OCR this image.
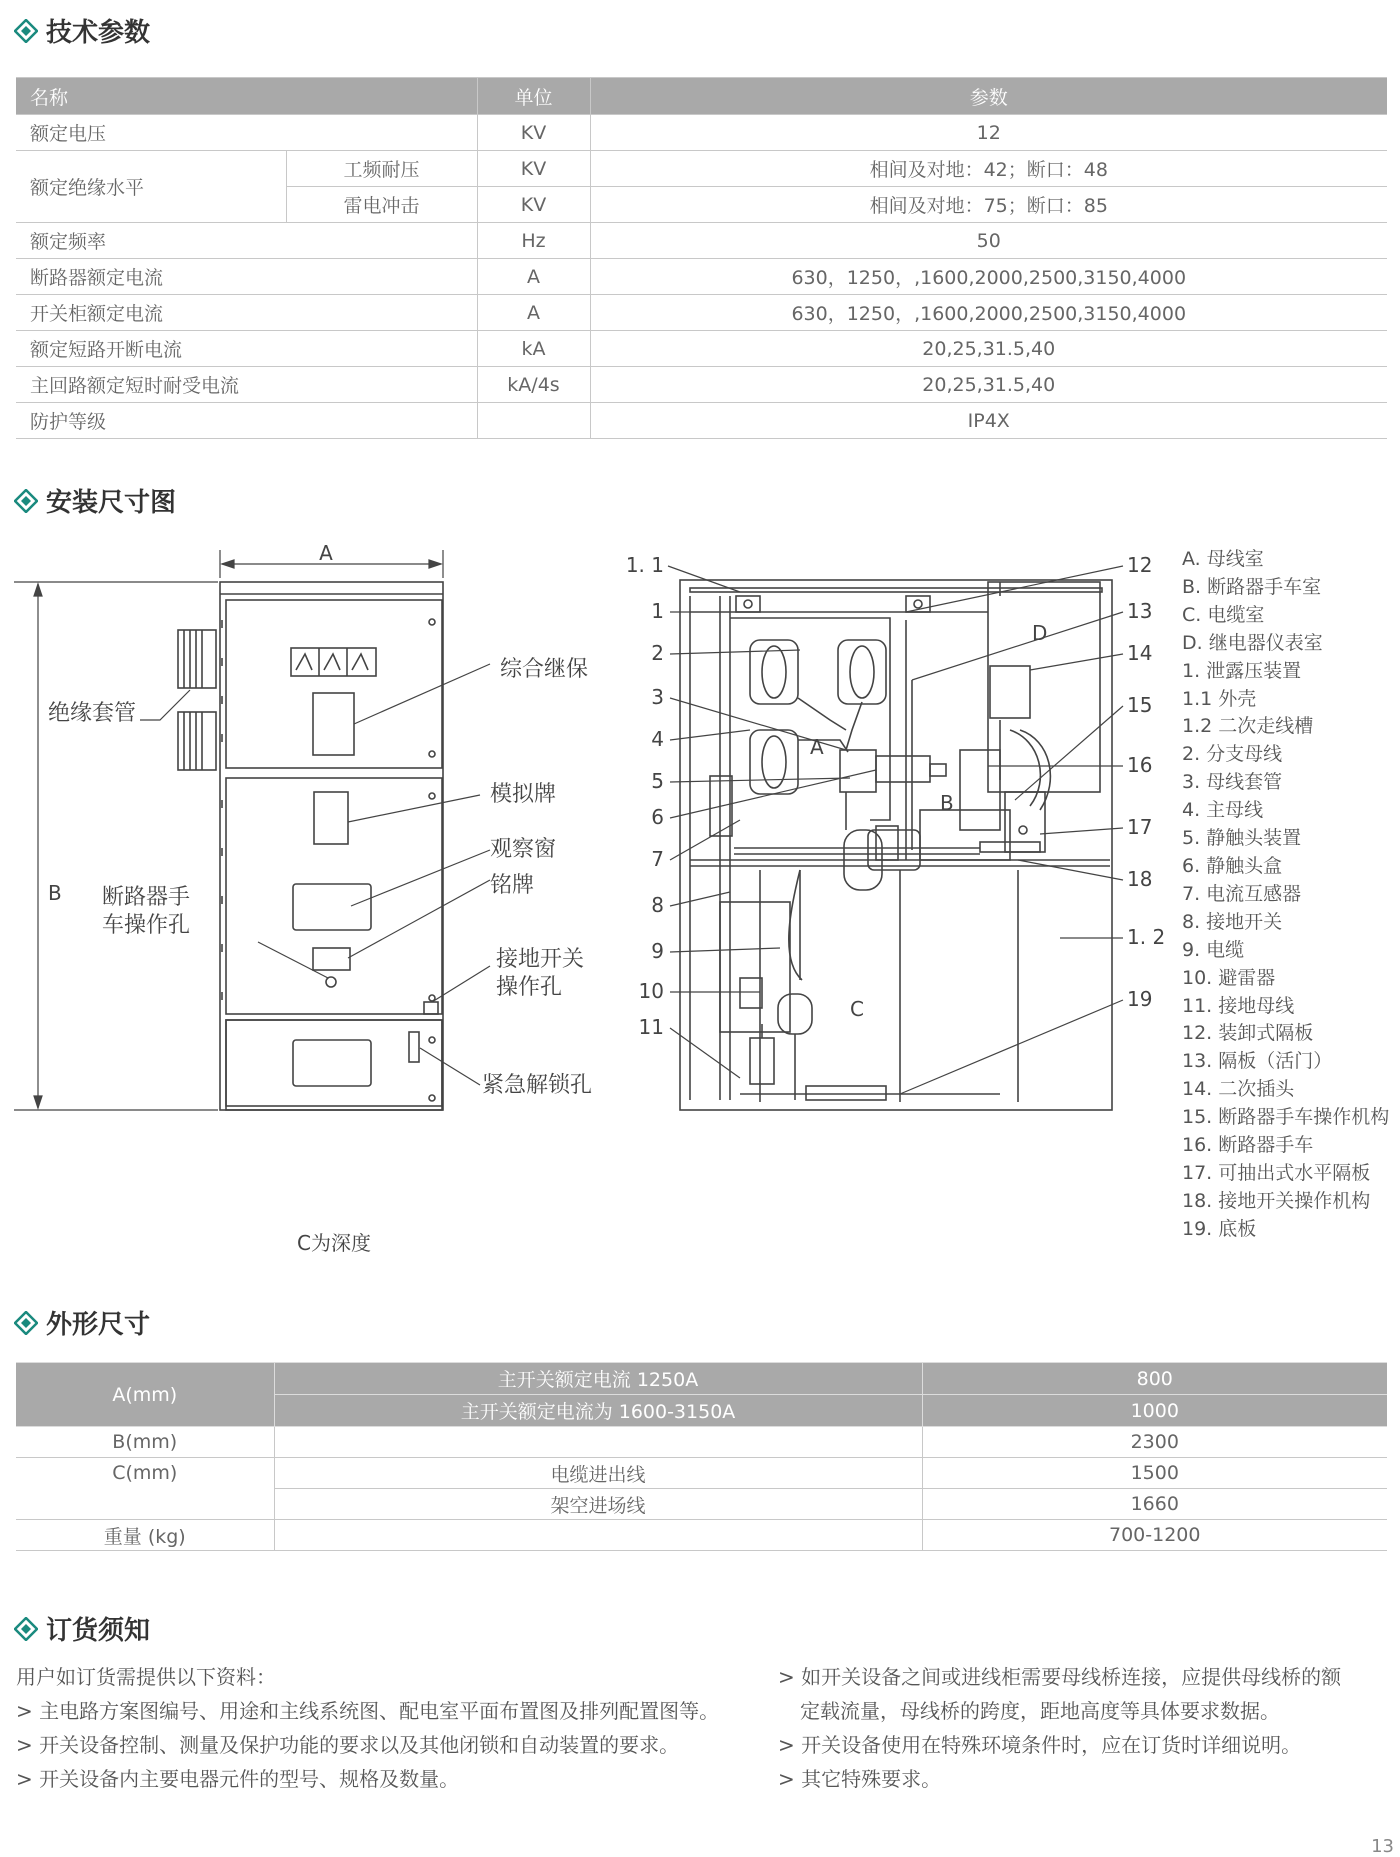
技术参数
名称		单位	参数
额定电压		KV	12
额定绝缘水平	工频耐压	KV	相间及对地：42；断口：48
	雷电冲击	KV	相间及对地：75；断口：85
额定频率		Hz	50
断路器额定电流		A	630，1250，,1600,2000,2500,3150,4000
开关柜额定电流		A	630，1250，,1600,2000,2500,3150,4000
额定短路开断电流		kA	20,25,31.5,40
主回路额定短时耐受电流		kA/4s	20,25,31.5,40
防护等级			IP4X
安装尺寸图
A
B
绝缘套管
综合继保
模拟牌
观察窗
铭牌
断路器手
车操作孔
接地开关
操作孔
紧急解锁孔
C为深度
A
B
C
D
1. 1
1
2
3
4
5
6
7
8
9
10
11
12
13
14
15
16
17
18
1. 2
19
A. 母线室
B. 断路器手车室
C. 电缆室
D. 继电器仪表室
1. 泄露压装置
1.1 外壳
1.2 二次走线槽
2. 分支母线
3. 母线套管
4. 主母线
5. 静触头装置
6. 静触头盒
7. 电流互感器
8. 接地开关
9. 电缆
10. 避雷器
11. 接地母线
12. 装卸式隔板
13. 隔板（活门）
14. 二次插头
15. 断路器手车操作机构
16. 断路器手车
17. 可抽出式水平隔板
18. 接地开关操作机构
19. 底板
外形尺寸
A(mm)	主开关额定电流 1250A	800
	主开关额定电流为 1600-3150A	1000
B(mm)		2300
C(mm)	电缆进出线	1500
	架空进场线	1660
重量 (kg)		700-1200
订货须知
用户如订货需提供以下资料：
> 主电路方案图编号、用途和主线系统图、配电室平面布置图及排列配置图等。
> 开关设备控制、测量及保护功能的要求以及其他闭锁和自动装置的要求。
> 开关设备内主要电器元件的型号、规格及数量。
> 如开关设备之间或进线柜需要母线桥连接，应提供母线桥的额
定载流量，母线桥的跨度，距地高度等具体要求数据。
> 开关设备使用在特殊环境条件时，应在订货时详细说明。
> 其它特殊要求。
13
